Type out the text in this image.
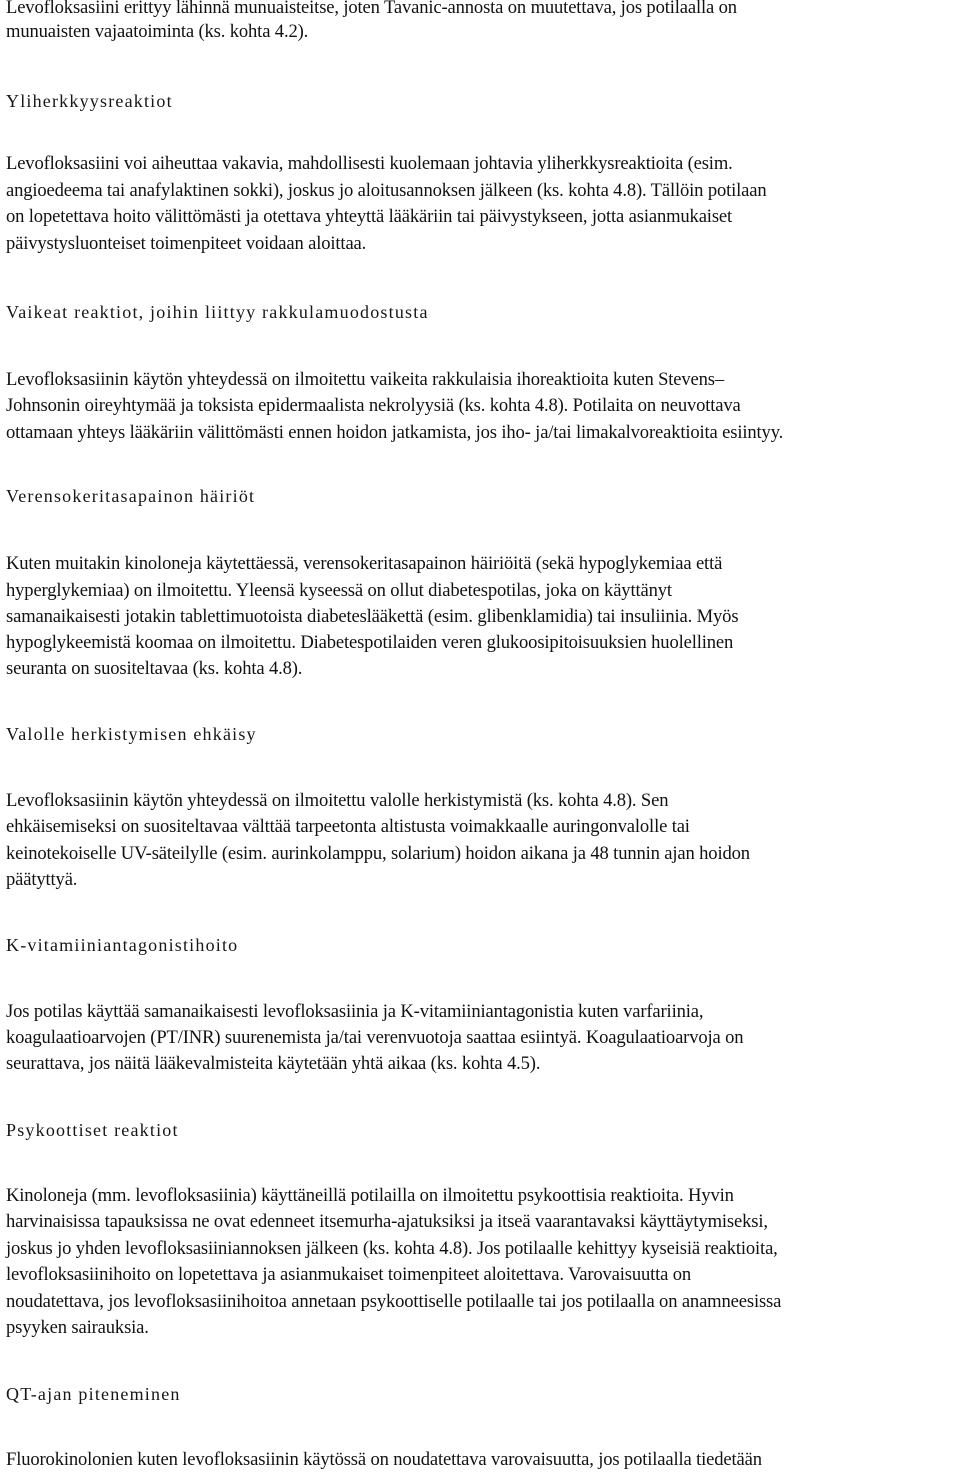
Levofloksasiini erittyy lähinnä munuaisteitse, joten Tavanic-annosta on muutettava, jos potilaalla on
munuaisten vajaatoiminta (ks. kohta 4.2).
Yliherkkyysreaktiot
Levofloksasiini voi aiheuttaa vakavia, mahdollisesti kuolemaan johtavia yliherkkysreaktioita (esim.
angioedeema tai anafylaktinen sokki), joskus jo aloitusannoksen jälkeen (ks. kohta 4.8). Tällöin potilaan
on lopetettava hoito välittömästi ja otettava yhteyttä lääkäriin tai päivystykseen, jotta asianmukaiset
päivystysluonteiset toimenpiteet voidaan aloittaa.
Vaikeat reaktiot, joihin liittyy rakkulamuodostusta
Levofloksasiinin käytön yhteydessä on ilmoitettu vaikeita rakkulaisia ihoreaktioita kuten Stevens–
Johnsonin oireyhtymää ja toksista epidermaalista nekrolyysiä (ks. kohta 4.8). Potilaita on neuvottava
ottamaan yhteys lääkäriin välittömästi ennen hoidon jatkamista, jos iho- ja/tai limakalvoreaktioita esiintyy.
Verensokeritasapainon häiriöt
Kuten muitakin kinoloneja käytettäessä, verensokeritasapainon häiriöitä (sekä hypoglykemiaa että
hyperglykemiaa) on ilmoitettu. Yleensä kyseessä on ollut diabetespotilas, joka on käyttänyt
samanaikaisesti jotakin tablettimuotoista diabeteslääkettä (esim. glibenklamidia) tai insuliinia. Myös
hypoglykeemistä koomaa on ilmoitettu. Diabetespotilaiden veren glukoosipitoisuuksien huolellinen
seuranta on suositeltavaa (ks. kohta 4.8).
Valolle herkistymisen ehkäisy
Levofloksasiinin käytön yhteydessä on ilmoitettu valolle herkistymistä (ks. kohta 4.8). Sen
ehkäisemiseksi on suositeltavaa välttää tarpeetonta altistusta voimakkaalle auringonvalolle tai
keinotekoiselle UV-säteilylle (esim. aurinkolamppu, solarium) hoidon aikana ja 48 tunnin ajan hoidon
päätyttyä.
K-vitamiiniantagonistihoito
Jos potilas käyttää samanaikaisesti levofloksasiinia ja K-vitamiiniantagonistia kuten varfariinia,
koagulaatioarvojen (PT/INR) suurenemista ja/tai verenvuotoja saattaa esiintyä. Koagulaatioarvoja on
seurattava, jos näitä lääkevalmisteita käytetään yhtä aikaa (ks. kohta 4.5).
Psykoottiset reaktiot
Kinoloneja (mm. levofloksasiinia) käyttäneillä potilailla on ilmoitettu psykoottisia reaktioita. Hyvin
harvinaisissa tapauksissa ne ovat edenneet itsemurha-ajatuksiksi ja itseä vaarantavaksi käyttäytymiseksi,
joskus jo yhden levofloksasiiniannoksen jälkeen (ks. kohta 4.8). Jos potilaalle kehittyy kyseisiä reaktioita,
levofloksasiinihoito on lopetettava ja asianmukaiset toimenpiteet aloitettava. Varovaisuutta on
noudatettava, jos levofloksasiinihoitoa annetaan psykoottiselle potilaalle tai jos potilaalla on anamneesissa
psyyken sairauksia.
QT-ajan piteneminen
Fluorokinolonien kuten levofloksasiinin käytössä on noudatettava varovaisuutta, jos potilaalla tiedetään
